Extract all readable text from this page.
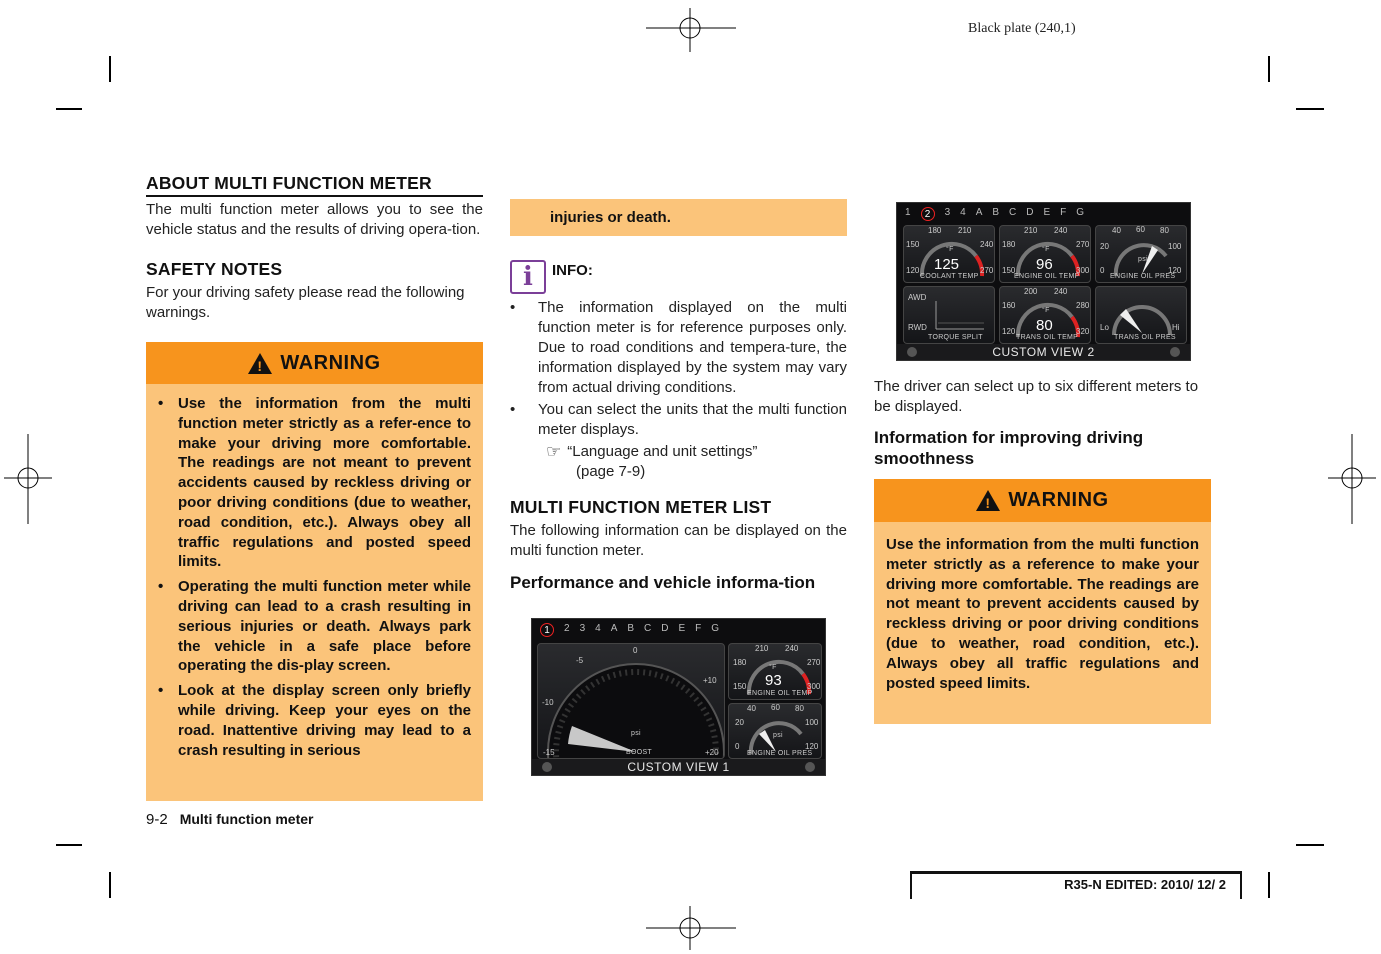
Black plate (240,1)
ABOUT MULTI FUNCTION METER

The multi function meter allows you to see the vehicle status and the results of driving opera-tion.

SAFETY NOTES

For your driving safety please read the following warnings.

! WARNING
• Use the information from the multi function meter strictly as a refer-ence to make your driving more comfortable. The readings are not meant to prevent accidents caused by reckless driving or poor driving conditions (due to weather, road condition, etc.). Always obey all traffic regulations and posted speed limits.
• Operating the multi function meter while driving can lead to a crash resulting in serious injuries or death. Always park the vehicle in a safe place before operating the dis-play screen.
• Look at the display screen only briefly while driving. Keep your eyes on the road. Inattentive driving may lead to a crash resulting in serious
injuries or death.
i	INFO:
• The information displayed on the multi function meter is for reference purposes only. Due to road conditions and tempera-ture, the information displayed by the system may vary from actual driving conditions.
• You can select the units that the multi function meter displays.
☞ “Language and unit settings”
(page 7-9)
MULTI FUNCTION METER LIST

The following information can be displayed on the multi function meter.

Performance and vehicle informa-tion
1	2 3 4 A B C D E F G
0
-5
+10
-10
-15	+20
psi
BOOST
210 240
180	270
150	300
°F
93
ENGINE OIL TEMP
40 60 80
20	100
0	120
psi
ENGINE OIL PRES
CUSTOM VIEW 1
1	2	3 4 A B C D E F G
180 210
150	240
120	270
°F
125
COOLANT TEMP
210 240
180	270
150	300
°F
96
ENGINE OIL TEMP
40 60 80
20	100
0	120
psi
ENGINE OIL PRES
AWD
RWD
TORQUE SPLIT
200 240
160	280
120	320
°F
80
TRANS OIL TEMP
Lo	Hi
TRANS OIL PRES
CUSTOM VIEW 2

The driver can select up to six different meters to be displayed.

Information for improving driving smoothness
! WARNING
Use the information from the multi function meter strictly as a reference to make your driving more comfortable. The readings are not meant to prevent accidents caused by reckless driving or poor driving conditions (due to weather, road condition, etc.). Always obey all traffic regulations and posted speed limits.
9-2 Multi function meter
R35-N EDITED: 2010/ 12/ 2
